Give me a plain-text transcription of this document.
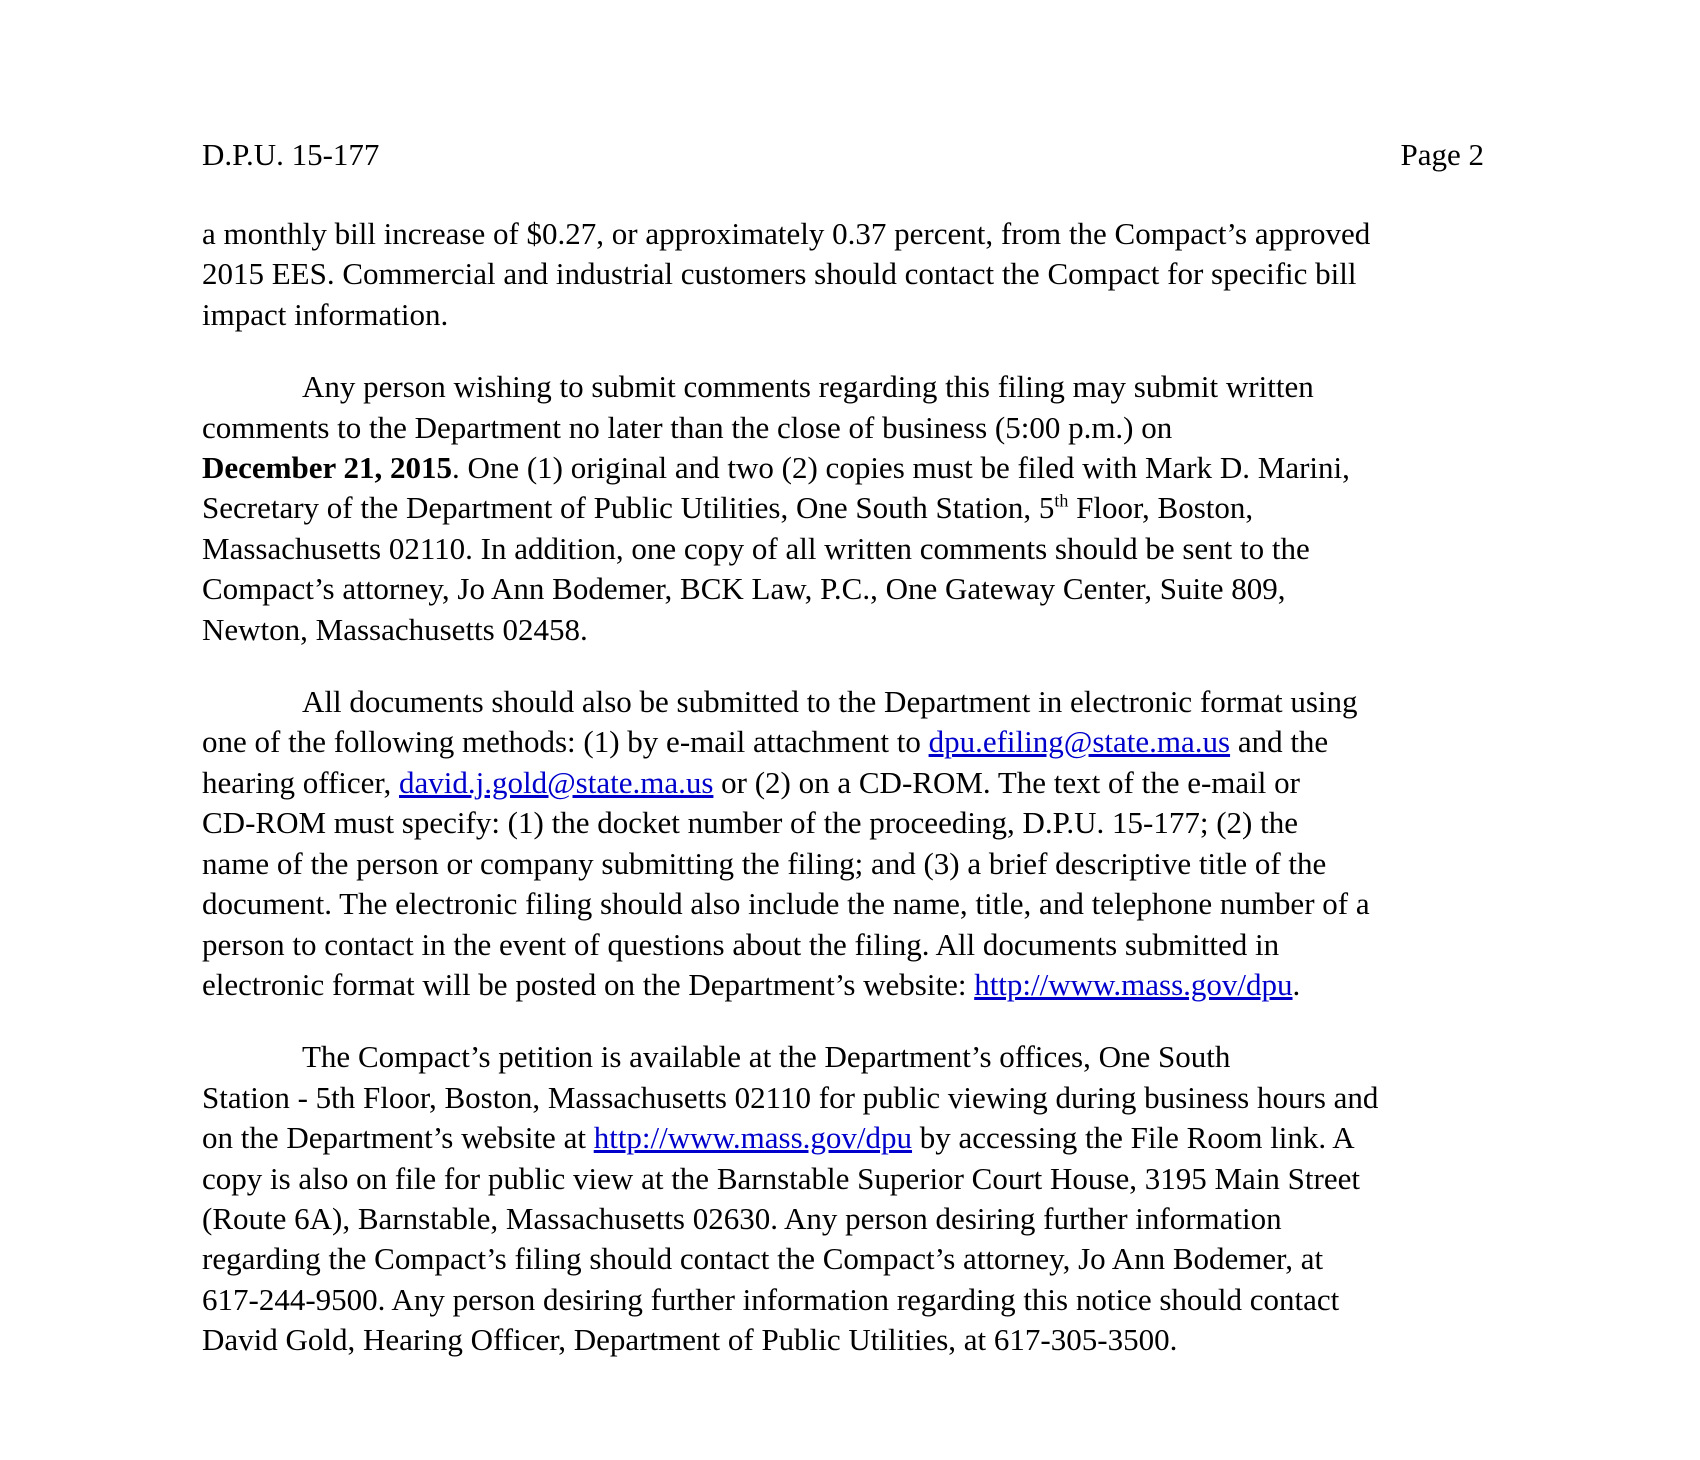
D.P.U. 15-177	Page 2

a monthly bill increase of $0.27, or approximately 0.37 percent, from the Compact’s approved
2015 EES. Commercial and industrial customers should contact the Compact for specific bill
impact information.

Any person wishing to submit comments regarding this filing may submit written
comments to the Department no later than the close of business (5:00 p.m.) on
December 21, 2015. One (1) original and two (2) copies must be filed with Mark D. Marini,
Secretary of the Department of Public Utilities, One South Station, 5th Floor, Boston,
Massachusetts 02110. In addition, one copy of all written comments should be sent to the
Compact’s attorney, Jo Ann Bodemer, BCK Law, P.C., One Gateway Center, Suite 809,
Newton, Massachusetts 02458.

All documents should also be submitted to the Department in electronic format using
one of the following methods: (1) by e-mail attachment to dpu.efiling@state.ma.us and the
hearing officer, david.j.gold@state.ma.us or (2) on a CD-ROM. The text of the e-mail or
CD-ROM must specify: (1) the docket number of the proceeding, D.P.U. 15-177; (2) the
name of the person or company submitting the filing; and (3) a brief descriptive title of the
document. The electronic filing should also include the name, title, and telephone number of a
person to contact in the event of questions about the filing. All documents submitted in
electronic format will be posted on the Department’s website: http://www.mass.gov/dpu.

The Compact’s petition is available at the Department’s offices, One South
Station - 5th Floor, Boston, Massachusetts 02110 for public viewing during business hours and
on the Department’s website at http://www.mass.gov/dpu by accessing the File Room link. A
copy is also on file for public view at the Barnstable Superior Court House, 3195 Main Street
(Route 6A), Barnstable, Massachusetts 02630. Any person desiring further information
regarding the Compact’s filing should contact the Compact’s attorney, Jo Ann Bodemer, at
617-244-9500. Any person desiring further information regarding this notice should contact
David Gold, Hearing Officer, Department of Public Utilities, at 617-305-3500.
